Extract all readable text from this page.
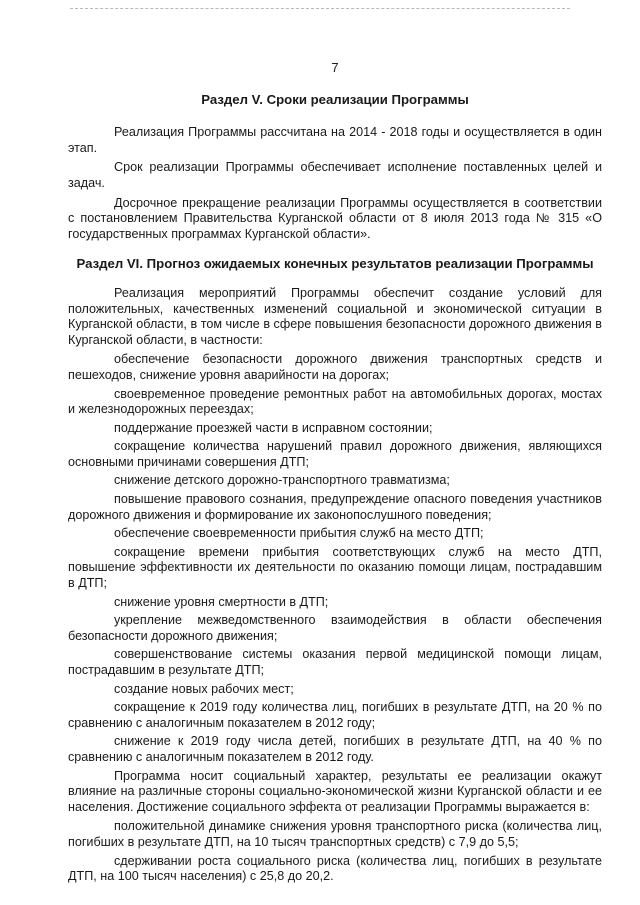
7
Раздел V. Сроки реализации Программы

Реализация Программы рассчитана на 2014 - 2018 годы и осуществляется в один этап.

Срок реализации Программы обеспечивает исполнение поставленных целей и задач.

Досрочное прекращение реализации Программы осуществляется в соответствии с постановлением Правительства Курганской области от 8 июля 2013 года № 315 «О государственных программах Курганской области».

Раздел VI. Прогноз ожидаемых конечных результатов реализации Программы

Реализация мероприятий Программы обеспечит создание условий для положительных, качественных изменений социальной и экономической ситуации в Курганской области, в том числе в сфере повышения безопасности дорожного движения в Курганской области, в частности:

обеспечение безопасности дорожного движения транспортных средств и пешеходов, снижение уровня аварийности на дорогах;

своевременное проведение ремонтных работ на автомобильных дорогах, мостах и железнодорожных переездах;

поддержание проезжей части в исправном состоянии;

сокращение количества нарушений правил дорожного движения, являющихся основными причинами совершения ДТП;

снижение детского дорожно-транспортного травматизма;

повышение правового сознания, предупреждение опасного поведения участников дорожного движения и формирование их законопослушного поведения;

обеспечение своевременности прибытия служб на место ДТП;

сокращение времени прибытия соответствующих служб на место ДТП, повышение эффективности их деятельности по оказанию помощи лицам, пострадавшим в ДТП;

снижение уровня смертности в ДТП;

укрепление межведомственного взаимодействия в области обеспечения безопасности дорожного движения;

совершенствование системы оказания первой медицинской помощи лицам, пострадавшим в результате ДТП;

создание новых рабочих мест;

сокращение к 2019 году количества лиц, погибших в результате ДТП, на 20 % по сравнению с аналогичным показателем в 2012 году;

снижение к 2019 году числа детей, погибших в результате ДТП, на 40 % по сравнению с аналогичным показателем в 2012 году.

Программа носит социальный характер, результаты ее реализации окажут влияние на различные стороны социально-экономической жизни Курганской области и ее населения. Достижение социального эффекта от реализации Программы выражается в:

положительной динамике снижения уровня транспортного риска (количества лиц, погибших в результате ДТП, на 10 тысяч транспортных средств) с 7,9 до 5,5;

сдерживании роста социального риска (количества лиц, погибших в результате ДТП, на 100 тысяч населения) с 25,8 до 20,2.
